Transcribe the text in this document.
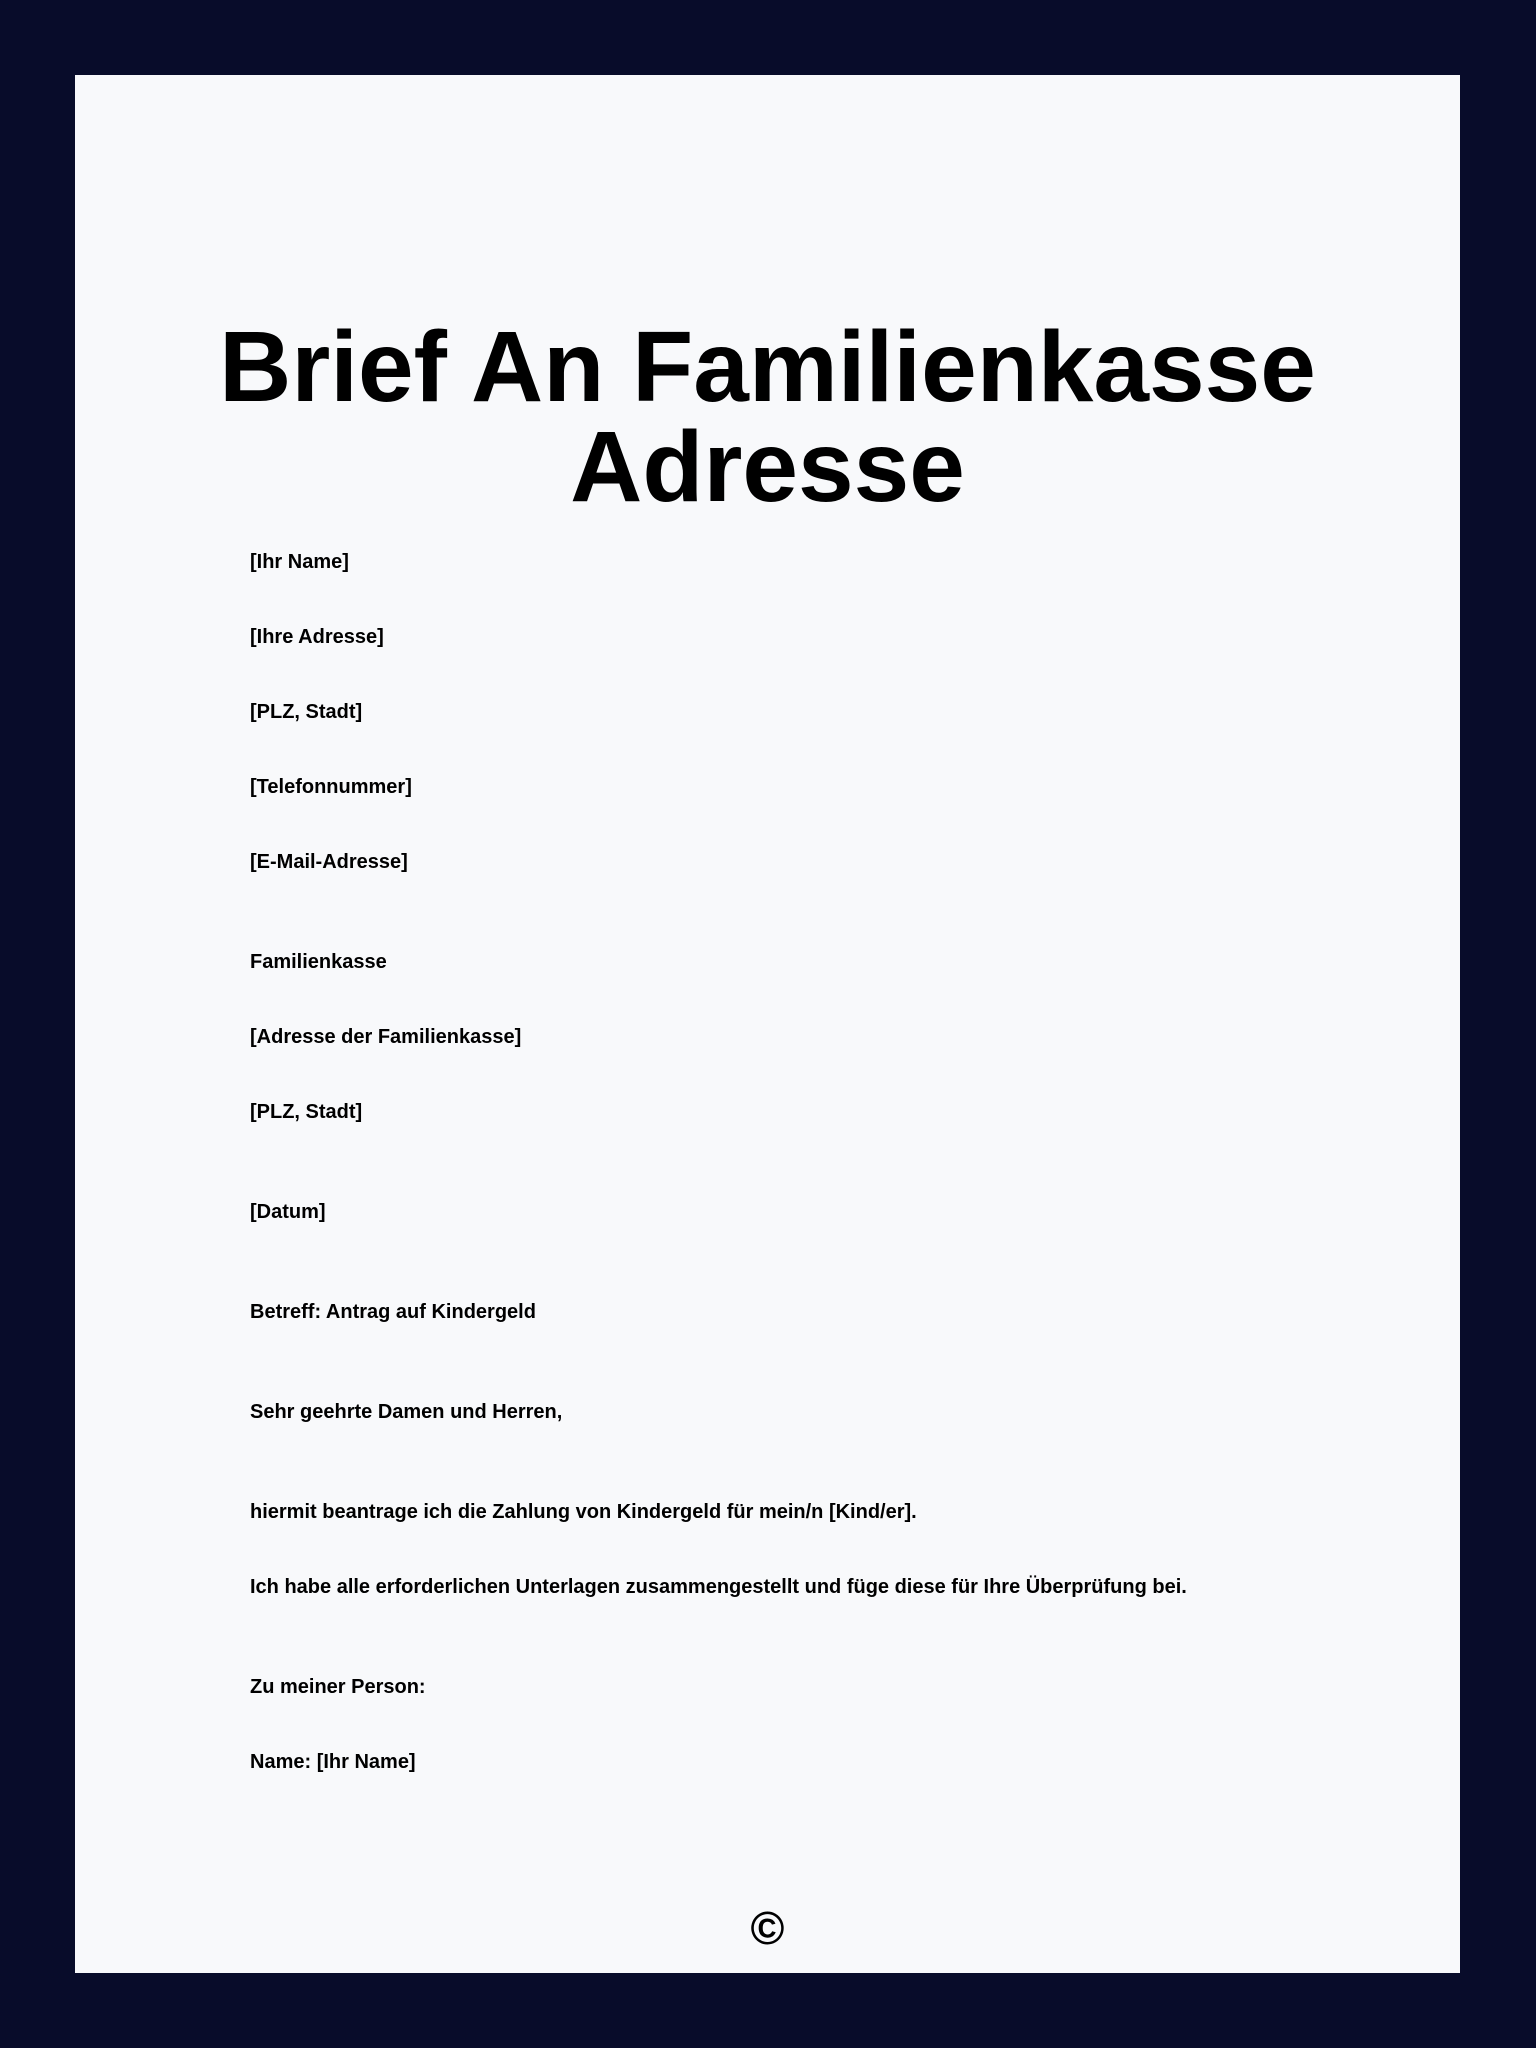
Brief An Familienkasse Adresse
[Ihr Name]
[Ihre Adresse]
[PLZ, Stadt]
[Telefonnummer]
[E-Mail-Adresse]
Familienkasse
[Adresse der Familienkasse]
[PLZ, Stadt]
[Datum]
Betreff: Antrag auf Kindergeld
Sehr geehrte Damen und Herren,
hiermit beantrage ich die Zahlung von Kindergeld für mein/n [Kind/er].
Ich habe alle erforderlichen Unterlagen zusammengestellt und füge diese für Ihre Überprüfung bei.
Zu meiner Person:
Name: [Ihr Name]
©
